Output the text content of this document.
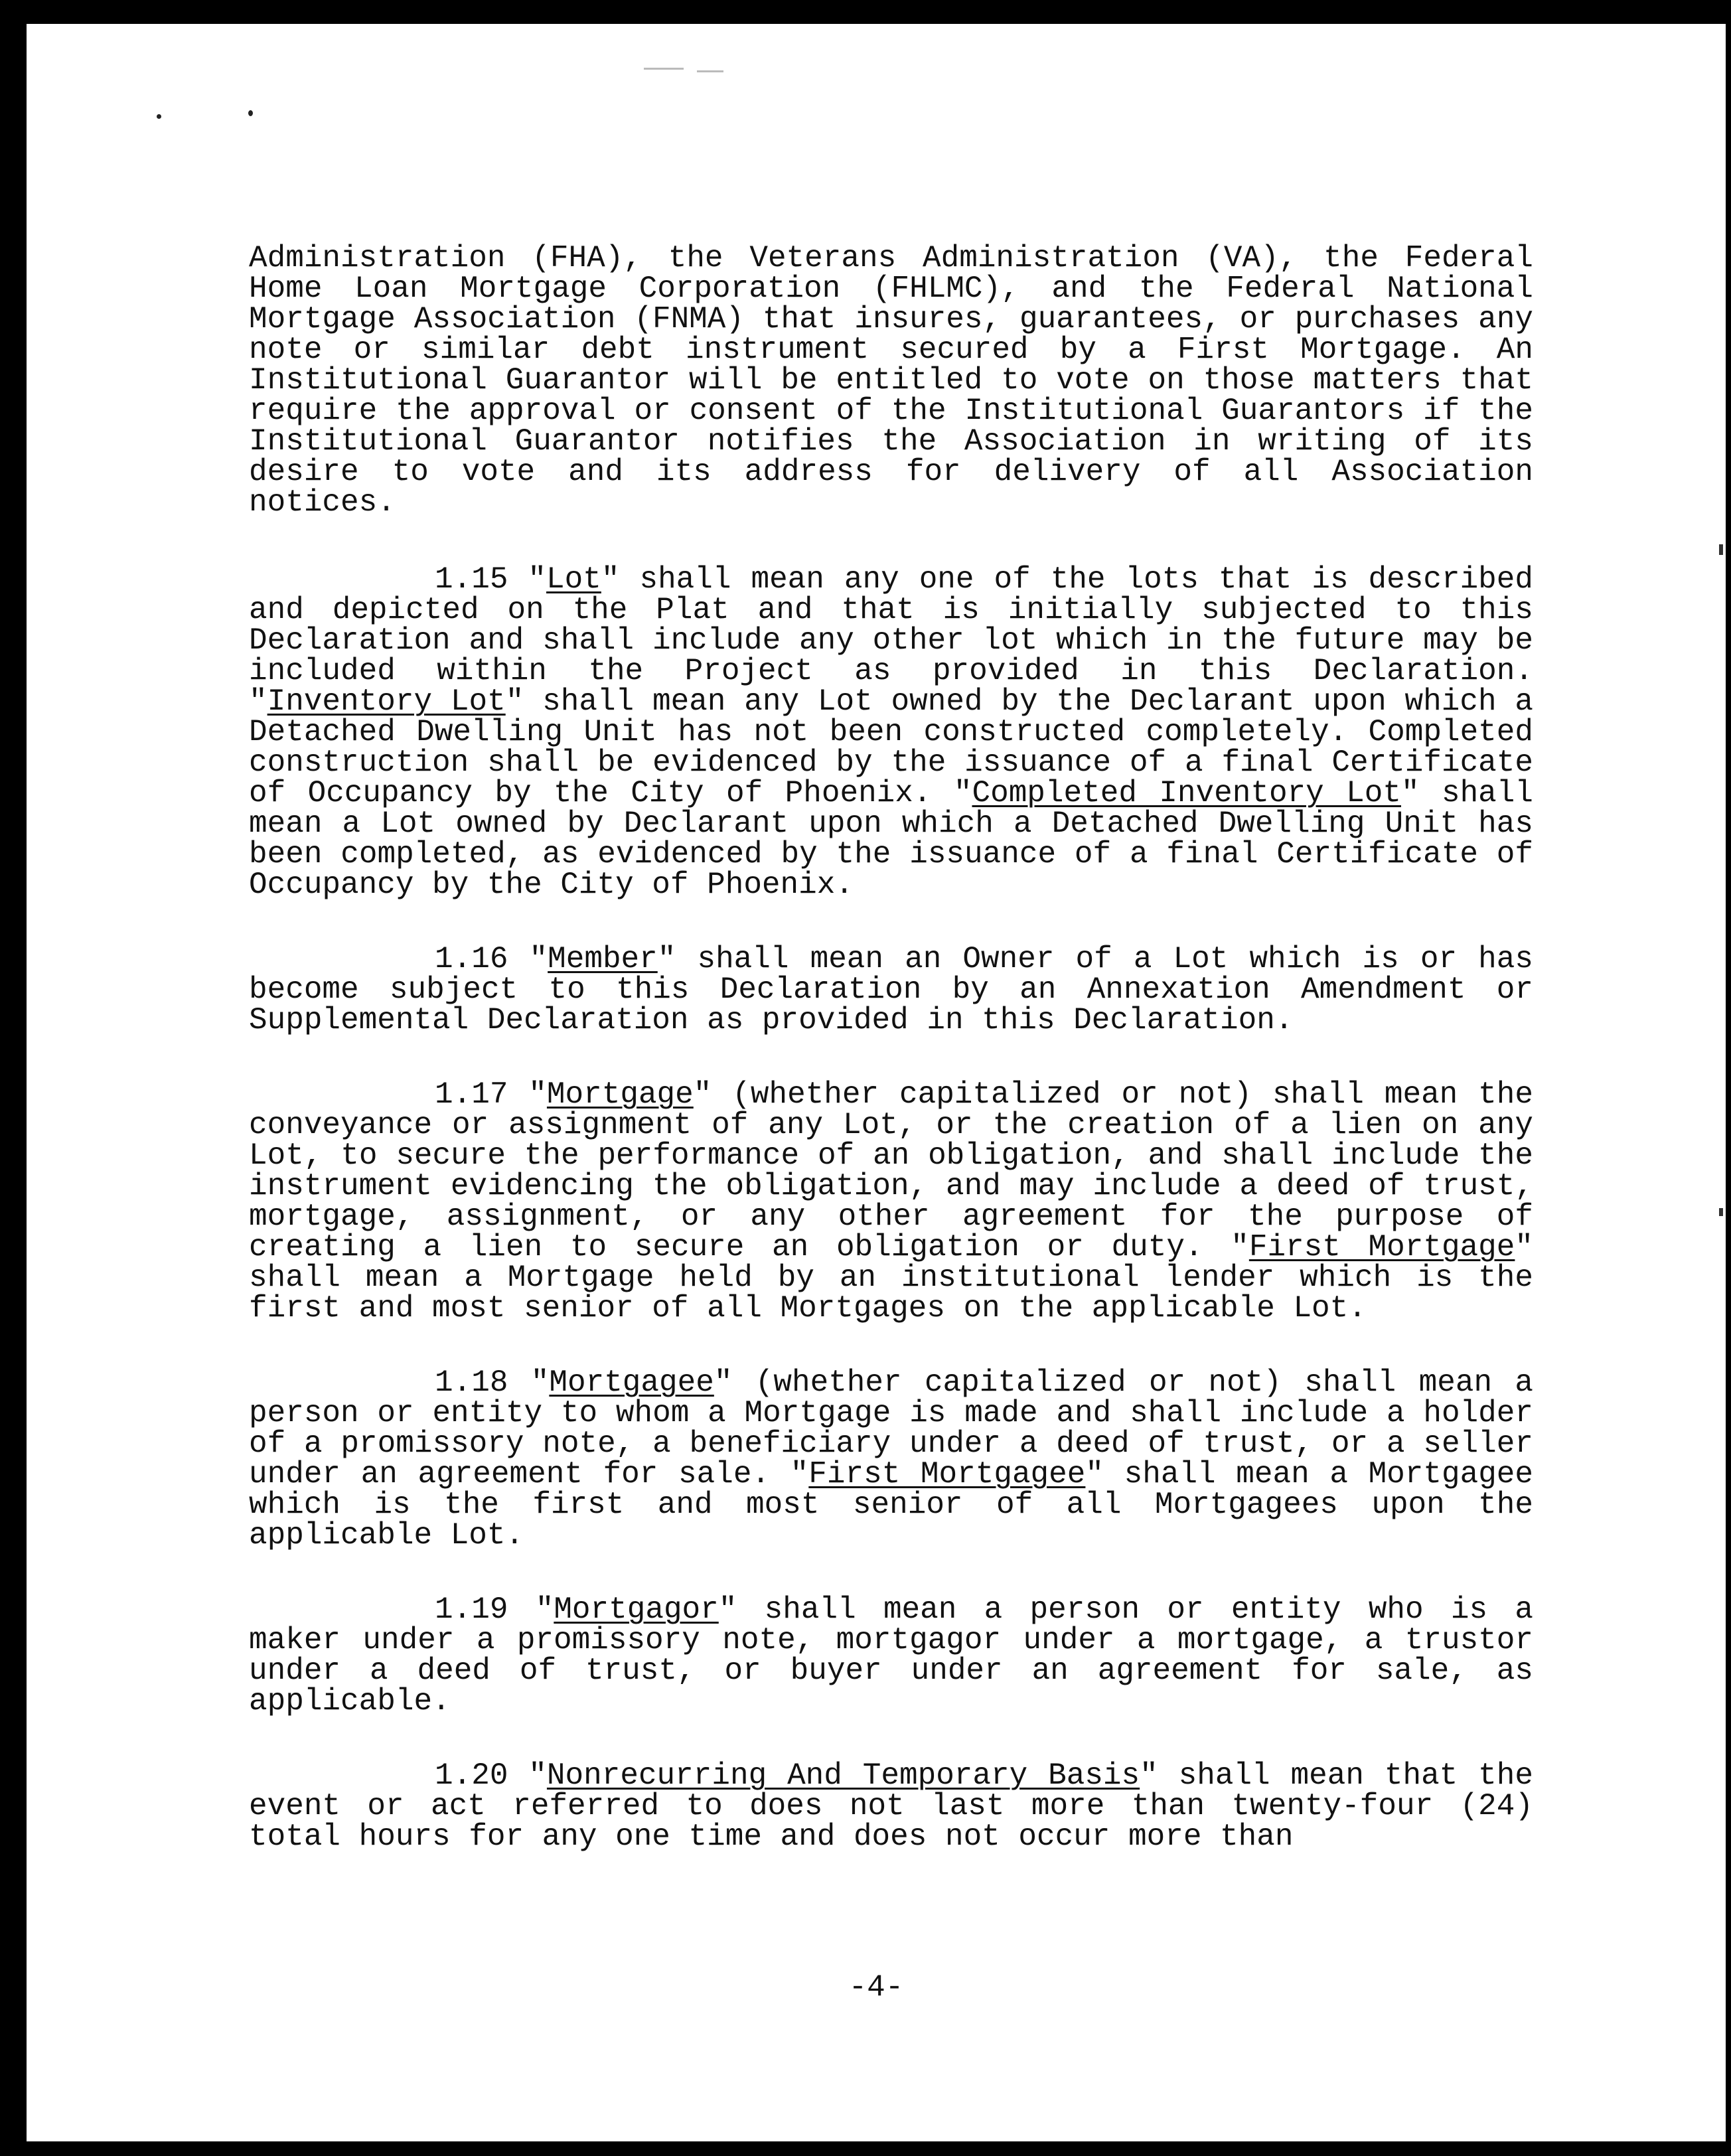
Administration (FHA), the Veterans Administration (VA), the Federal Home Loan Mortgage Corporation (FHLMC), and the Federal National Mortgage Association (FNMA) that insures, guarantees, or purchases any note or similar debt instrument secured by a First Mortgage. An Institutional Guarantor will be entitled to vote on those matters that require the approval or consent of the Institutional Guarantors if the Institutional Guarantor notifies the Association in writing of its desire to vote and its address for delivery of all Association notices.

1.15 "Lot" shall mean any one of the lots that is described and depicted on the Plat and that is initially subjected to this Declaration and shall include any other lot which in the future may be included within the Project as provided in this Declaration. "Inventory Lot" shall mean any Lot owned by the Declarant upon which a Detached Dwelling Unit has not been constructed completely. Completed construction shall be evidenced by the issuance of a final Certificate of Occupancy by the City of Phoenix. "Completed Inventory Lot" shall mean a Lot owned by Declarant upon which a Detached Dwelling Unit has been completed, as evidenced by the issuance of a final Certificate of Occupancy by the City of Phoenix.

1.16 "Member" shall mean an Owner of a Lot which is or has become subject to this Declaration by an Annexation Amendment or Supplemental Declaration as provided in this Declaration.

1.17 "Mortgage" (whether capitalized or not) shall mean the conveyance or assignment of any Lot, or the creation of a lien on any Lot, to secure the performance of an obligation, and shall include the instrument evidencing the obligation, and may include a deed of trust, mortgage, assignment, or any other agreement for the purpose of creating a lien to secure an obligation or duty. "First Mortgage" shall mean a Mortgage held by an institutional lender which is the first and most senior of all Mortgages on the applicable Lot.

1.18 "Mortgagee" (whether capitalized or not) shall mean a person or entity to whom a Mortgage is made and shall include a holder of a promissory note, a beneficiary under a deed of trust, or a seller under an agreement for sale. "First Mortgagee" shall mean a Mortgagee which is the first and most senior of all Mortgagees upon the applicable Lot.

1.19 "Mortgagor" shall mean a person or entity who is a maker under a promissory note, mortgagor under a mortgage, a trustor under a deed of trust, or buyer under an agreement for sale, as applicable.

1.20 "Nonrecurring And Temporary Basis" shall mean that the event or act referred to does not last more than twenty-four (24) total hours for any one time and does not occur more than

-4-
